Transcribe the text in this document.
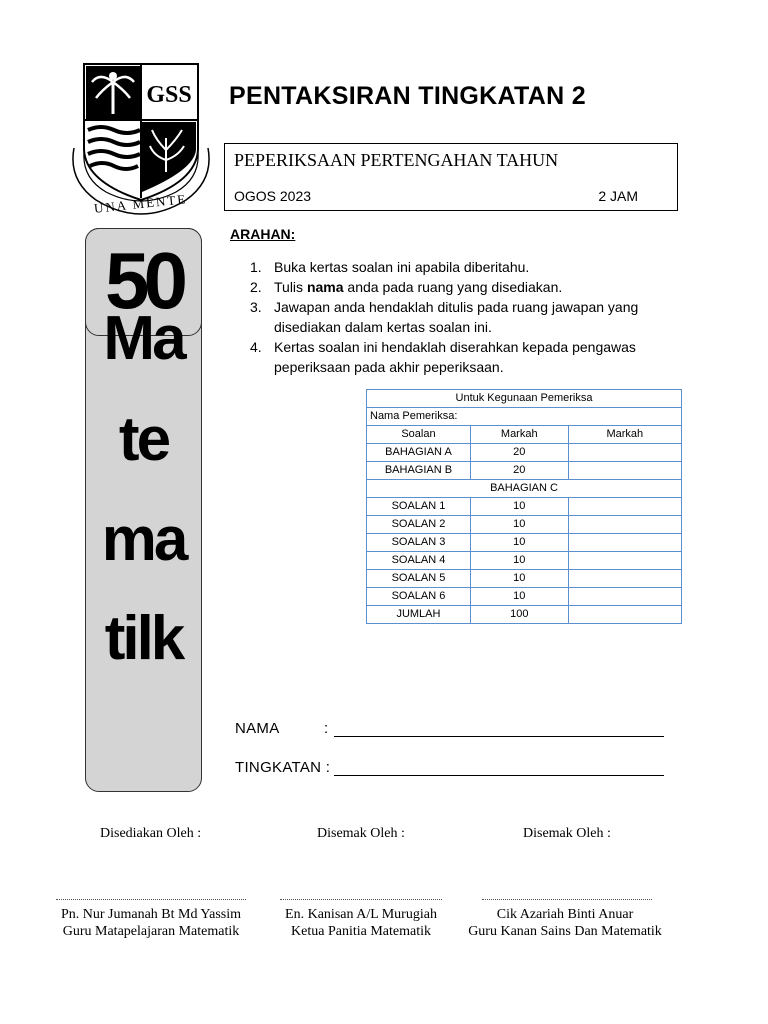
GSS
UNA MENTE
PENTAKSIRAN TINGKATAN 2
PEPERIKSAAN PERTENGAHAN TAHUN
OGOS 2023	2 JAM
50
Ma
te
ma
tilk
ARAHAN:
1. Buka kertas soalan ini apabila diberitahu.
2. Tulis nama anda pada ruang yang disediakan.
3. Jawapan anda hendaklah ditulis pada ruang jawapan yang disediakan dalam kertas soalan ini.
4. Kertas soalan ini hendaklah diserahkan kepada pengawas peperiksaan pada akhir peperiksaan.
Untuk Kegunaan Pemeriksa		
Nama Pemeriksa:		
Soalan	Markah	Markah
BAHAGIAN A	20	
BAHAGIAN B	20	
BAHAGIAN C		
SOALAN 1	10	
SOALAN 2	10	
SOALAN 3	10	
SOALAN 4	10	
SOALAN 5	10	
SOALAN 6	10	
JUMLAH	100	
NAMA	:
TINGKATAN :
Disediakan Oleh :	Disemak Oleh :	Disemak Oleh :
Pn. Nur Jumanah Bt Md Yassim
Guru Matapelajaran Matematik
En. Kanisan A/L Murugiah
Ketua Panitia Matematik
Cik Azariah Binti Anuar
Guru Kanan Sains Dan Matematik
